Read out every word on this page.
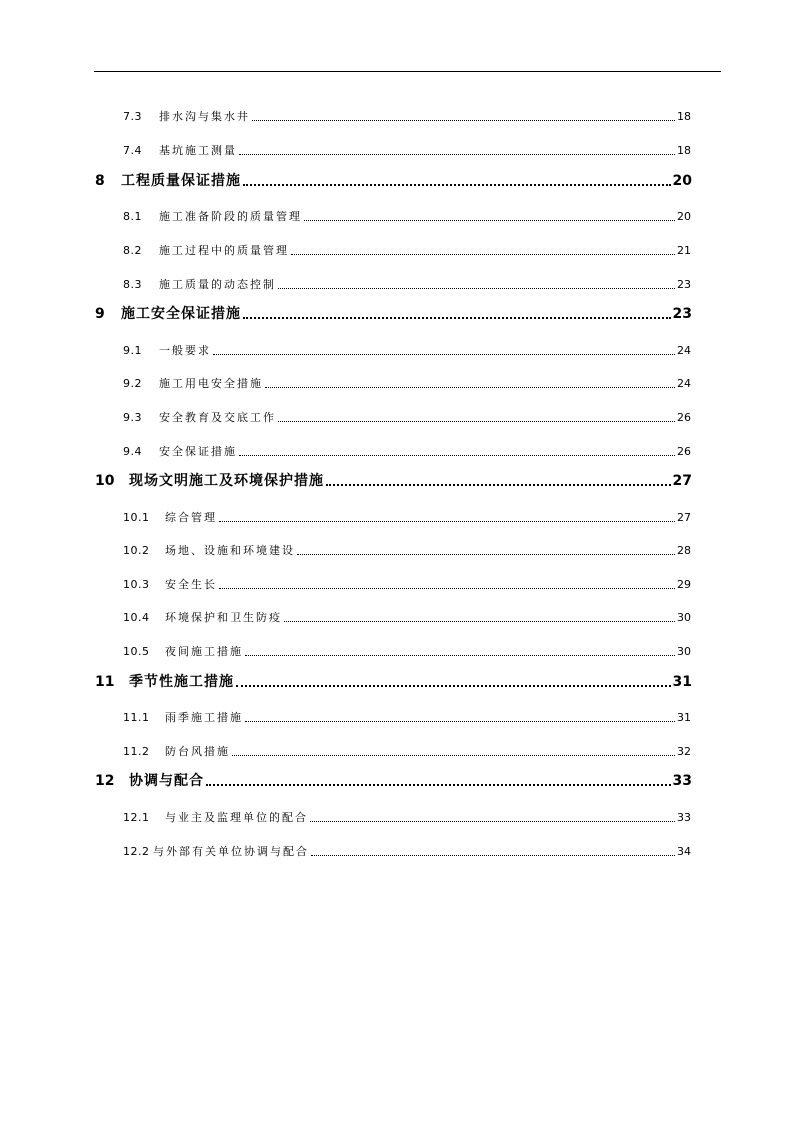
7.3	排水沟与集水井	18
7.4	基坑施工测量	18
8	工程质量保证措施	20
8.1	施工准备阶段的质量管理	20
8.2	施工过程中的质量管理	21
8.3	施工质量的动态控制	23
9	施工安全保证措施	23
9.1	一般要求	24
9.2	施工用电安全措施	24
9.3	安全教育及交底工作	26
9.4	安全保证措施	26
10	现场文明施工及环境保护措施	27
10.1	综合管理	27
10.2	场地、设施和环境建设	28
10.3	安全生长	29
10.4	环境保护和卫生防疫	30
10.5	夜间施工措施	30
11	季节性施工措施	31
11.1	雨季施工措施	31
11.2	防台风措施	32
12	协调与配合	33
12.1	与业主及监理单位的配合	33
12.2 与外部有关单位协调与配合	34
